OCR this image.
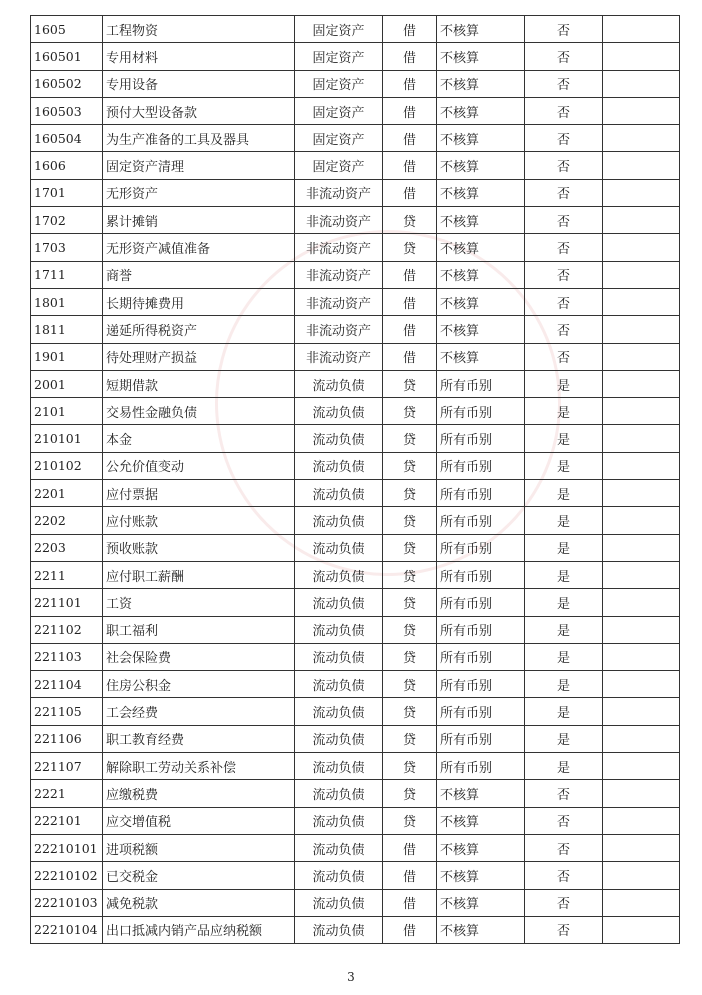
1605	工程物资	固定资产	借	不核算	否	
160501	专用材料	固定资产	借	不核算	否	
160502	专用设备	固定资产	借	不核算	否	
160503	预付大型设备款	固定资产	借	不核算	否	
160504	为生产准备的工具及器具	固定资产	借	不核算	否	
1606	固定资产清理	固定资产	借	不核算	否	
1701	无形资产	非流动资产	借	不核算	否	
1702	累计摊销	非流动资产	贷	不核算	否	
1703	无形资产减值准备	非流动资产	贷	不核算	否	
1711	商誉	非流动资产	借	不核算	否	
1801	长期待摊费用	非流动资产	借	不核算	否	
1811	递延所得税资产	非流动资产	借	不核算	否	
1901	待处理财产损益	非流动资产	借	不核算	否	
2001	短期借款	流动负债	贷	所有币别	是	
2101	交易性金融负债	流动负债	贷	所有币别	是	
210101	本金	流动负债	贷	所有币别	是	
210102	公允价值变动	流动负债	贷	所有币别	是	
2201	应付票据	流动负债	贷	所有币别	是	
2202	应付账款	流动负债	贷	所有币别	是	
2203	预收账款	流动负债	贷	所有币别	是	
2211	应付职工薪酬	流动负债	贷	所有币别	是	
221101	工资	流动负债	贷	所有币别	是	
221102	职工福利	流动负债	贷	所有币别	是	
221103	社会保险费	流动负债	贷	所有币别	是	
221104	住房公积金	流动负债	贷	所有币别	是	
221105	工会经费	流动负债	贷	所有币别	是	
221106	职工教育经费	流动负债	贷	所有币别	是	
221107	解除职工劳动关系补偿	流动负债	贷	所有币别	是	
2221	应缴税费	流动负债	贷	不核算	否	
222101	应交增值税	流动负债	贷	不核算	否	
22210101	进项税额	流动负债	借	不核算	否	
22210102	已交税金	流动负债	借	不核算	否	
22210103	减免税款	流动负债	借	不核算	否	
22210104	出口抵减内销产品应纳税额	流动负债	借	不核算	否	
3
